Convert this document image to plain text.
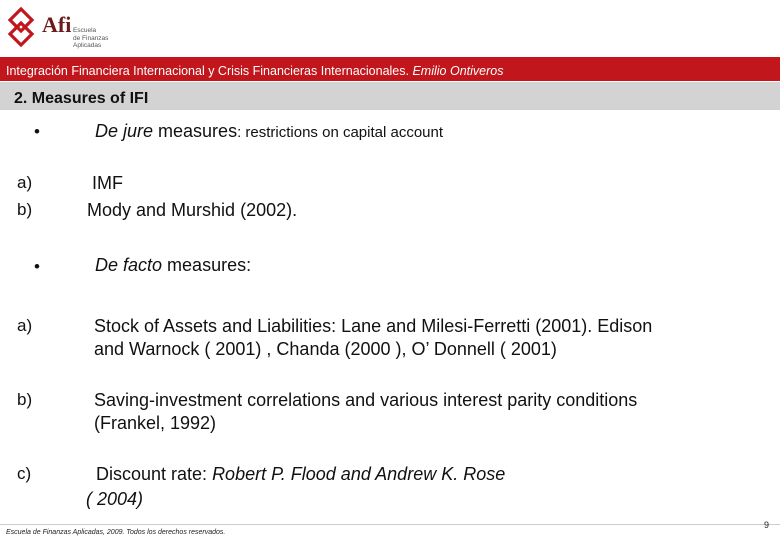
Afi Escuela
de Finanzas
Aplicadas
Integración Financiera Internacional y Crisis Financieras Internacionales. Emilio Ontiveros
2. Measures of IFI
•	De jure measures: restrictions on capital account
a)	IMF
b)	Mody and Murshid (2002).
•	De facto measures:
a)	Stock of Assets and Liabilities: Lane and Milesi-Ferretti (2001). Edison
and Warnock ( 2001) , Chanda (2000 ), O’ Donnell ( 2001)
b)	Saving-investment correlations and various interest parity conditions
(Frankel, 1992)
c)	Discount rate: Robert P. Flood and Andrew K. Rose
( 2004)
Escuela de Finanzas Aplicadas, 2009. Todos los derechos reservados.
9
